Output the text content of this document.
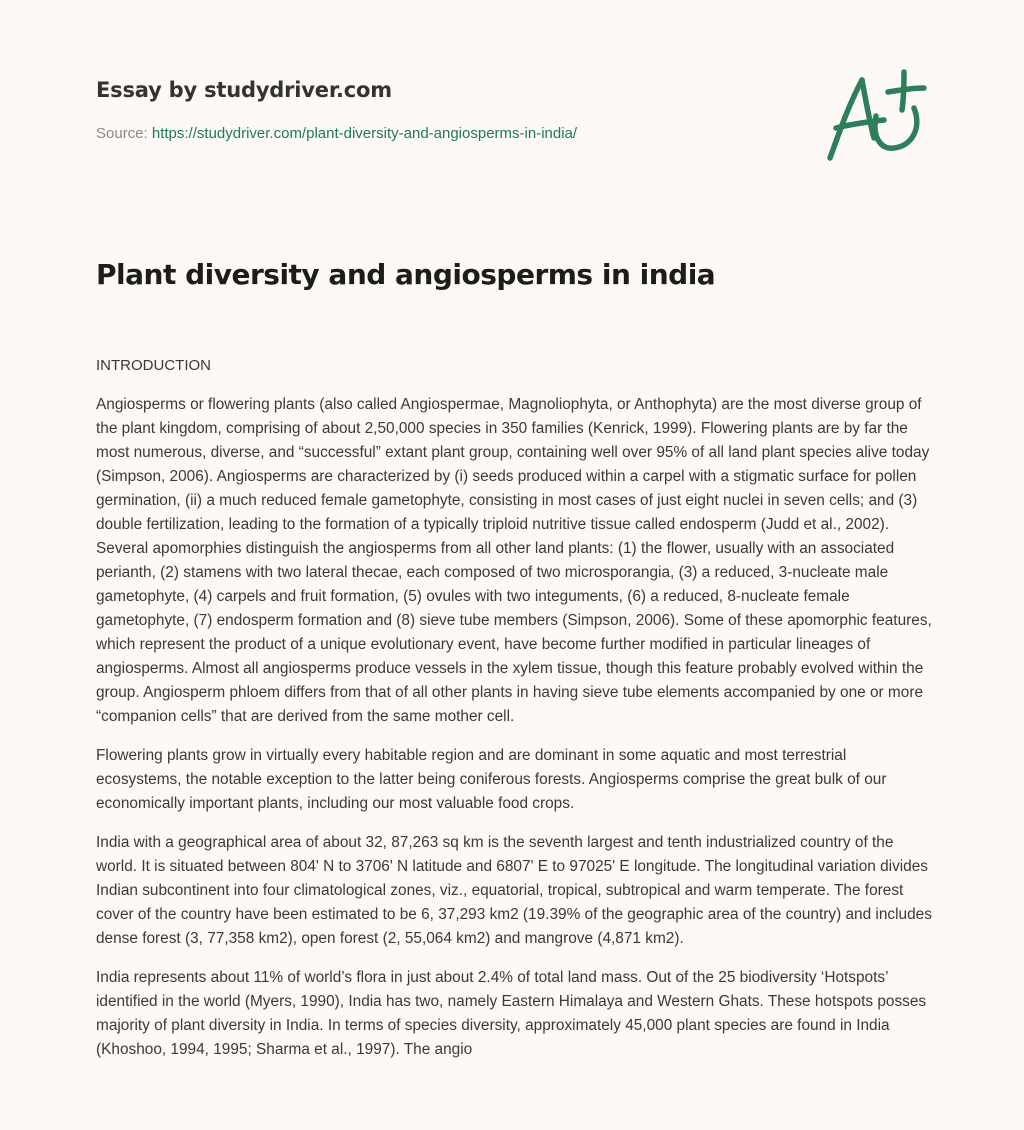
Essay by studydriver.com
Source: https://studydriver.com/plant-diversity-and-angiosperms-in-india/
Plant diversity and angiosperms in india
INTRODUCTION

Angiosperms or flowering plants (also called Angiospermae, Magnoliophyta, or Anthophyta) are the most diverse group of the plant kingdom, comprising of about 2,50,000 species in 350 families (Kenrick, 1999). Flowering plants are by far the most numerous, diverse, and “successful” extant plant group, containing well over 95% of all land plant species alive today (Simpson, 2006). Angiosperms are characterized by (i) seeds produced within a carpel with a stigmatic surface for pollen germination, (ii) a much reduced female gametophyte, consisting in most cases of just eight nuclei in seven cells; and (3) double fertilization, leading to the formation of a typically triploid nutritive tissue called endosperm (Judd et al., 2002). Several apomorphies distinguish the angiosperms from all other land plants: (1) the flower, usually with an associated perianth, (2) stamens with two lateral thecae, each composed of two microsporangia, (3) a reduced, 3-nucleate male gametophyte, (4) carpels and fruit formation, (5) ovules with two integuments, (6) a reduced, 8-nucleate female gametophyte, (7) endosperm formation and (8) sieve tube members (Simpson, 2006). Some of these apomorphic features, which represent the product of a unique evolutionary event, have become further modified in particular lineages of angiosperms. Almost all angiosperms produce vessels in the xylem tissue, though this feature probably evolved within the group. Angiosperm phloem differs from that of all other plants in having sieve tube elements accompanied by one or more “companion cells” that are derived from the same mother cell.

Flowering plants grow in virtually every habitable region and are dominant in some aquatic and most terrestrial ecosystems, the notable exception to the latter being coniferous forests. Angiosperms comprise the great bulk of our economically important plants, including our most valuable food crops.

India with a geographical area of about 32, 87,263 sq km is the seventh largest and tenth industrialized country of the world. It is situated between 804' N to 3706' N latitude and 6807' E to 97025' E longitude. The longitudinal variation divides Indian subcontinent into four climatological zones, viz., equatorial, tropical, subtropical and warm temperate. The forest cover of the country have been estimated to be 6, 37,293 km2 (19.39% of the geographic area of the country) and includes dense forest (3, 77,358 km2), open forest (2, 55,064 km2) and mangrove (4,871 km2).

India represents about 11% of world’s flora in just about 2.4% of total land mass. Out of the 25 biodiversity ‘Hotspots’ identified in the world (Myers, 1990), India has two, namely Eastern Himalaya and Western Ghats. These hotspots posses majority of plant diversity in India. In terms of species diversity, approximately 45,000 plant species are found in India (Khoshoo, 1994, 1995; Sharma et al., 1997). The angio
